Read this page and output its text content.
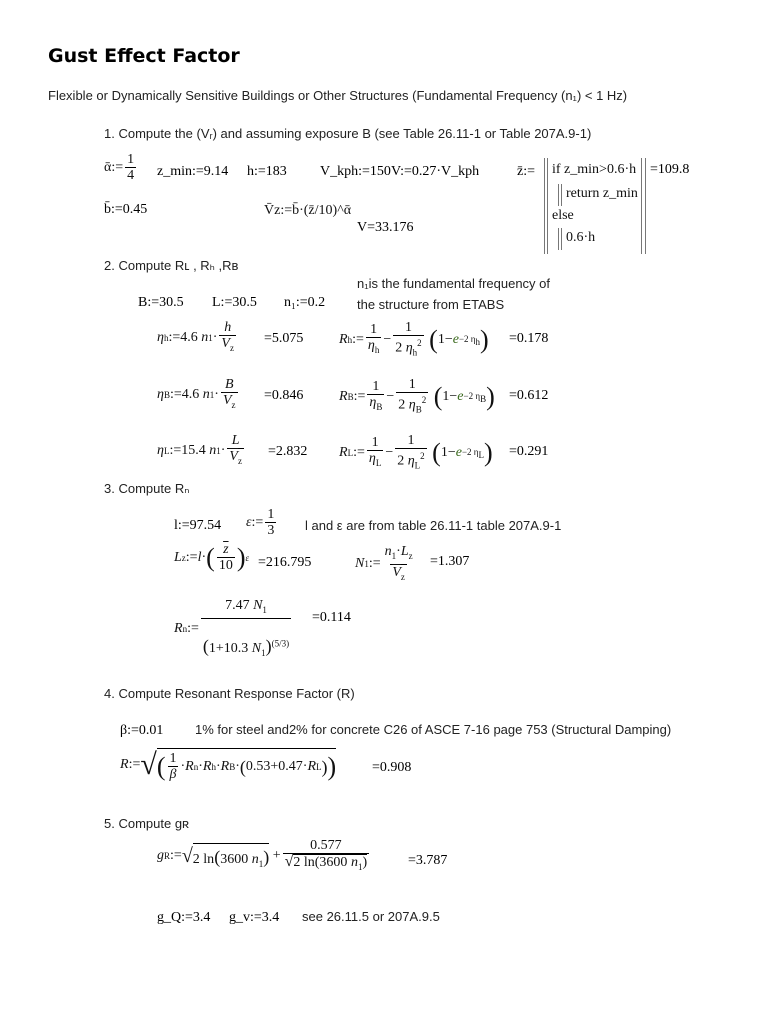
Gust Effect Factor
Flexible or Dynamically Sensitive Buildings or Other Structures (Fundamental Frequency (n₁) < 1 Hz)
1. Compute the (Vᵣ) and assuming exposure B (see Table 26.11-1 or Table 207A.9-1)
ᾱ:= $\frac{1}{4}$ z_min:=9.14 h:=183 V_kph:=150 V:=0.27·V_kph
b̄:=0.45	V̄z:=b̄·(z̄/10)^ᾱ
V=33.176
z̄:= if z_min>0.6·h
return z_min
else
0.6·h
=109.8
2. Compute Rʟ , Rₕ ,Rʙ
n₁is the fundamental frequency of
the structure from ETABS
B:=30.5 L:=30.5 n₁:=0.2
η h :=4.6 n $1 \cdot \frac{h}{\overline{V}_z} =5.075$	R h := $\frac{1}{\eta_h} - \frac{1}{2 \eta_h^2}$
( 1− e −2 $\eta_h$ ) =0.178
η B :=4.6 n $1 \cdot \frac{B}{\overline{V}_z} =0.846$	R B := $\frac{1}{\eta_B} - \frac{1}{2 \eta_B^2}$
( 1− e −2 $\eta_B$ ) =0.612
η L :=15.4 n $1 \cdot \frac{L}{\overline{V}_z} =2.832$ R L := $\frac{1}{\eta_L} - \frac{1}{2 \eta_L^2}$
( 1− e −2 $\eta_L$ ) =0.291
3. Compute Rₙ
l:=97.54 ε := $\frac{1}{3}$ l and ε are from table 26.11-1 table 207A.9-1
L z := l · ( $\frac{\overline{z}}{10}$ ) ε =216.795	N 1 := $\frac{n_1\cdot L_z}{\overline{V}_z} =1.307$
R n := $\frac{7.47 N_1}{(1+10.3 N_1)^{(5/3)}} =0.114$
4. Compute Resonant Response Factor (R)
β:=0.01 1% for steel and2% for concrete C26 of ASCE 7-16 page 753 (Structural Damping)
R := √ ( $\frac{1}{\beta} \cdot R$ n · R h · R B · ( 0.53+0.47· R L ) )	=0.908
5. Compute gʀ
g R := √ 2 ln(3600 $n_1) + \frac{0.577}{√2 \ln(3600 n_1)}$	=3.787
g_Q:=3.4 g_v:=3.4 see 26.11.5 or 207A.9.5
